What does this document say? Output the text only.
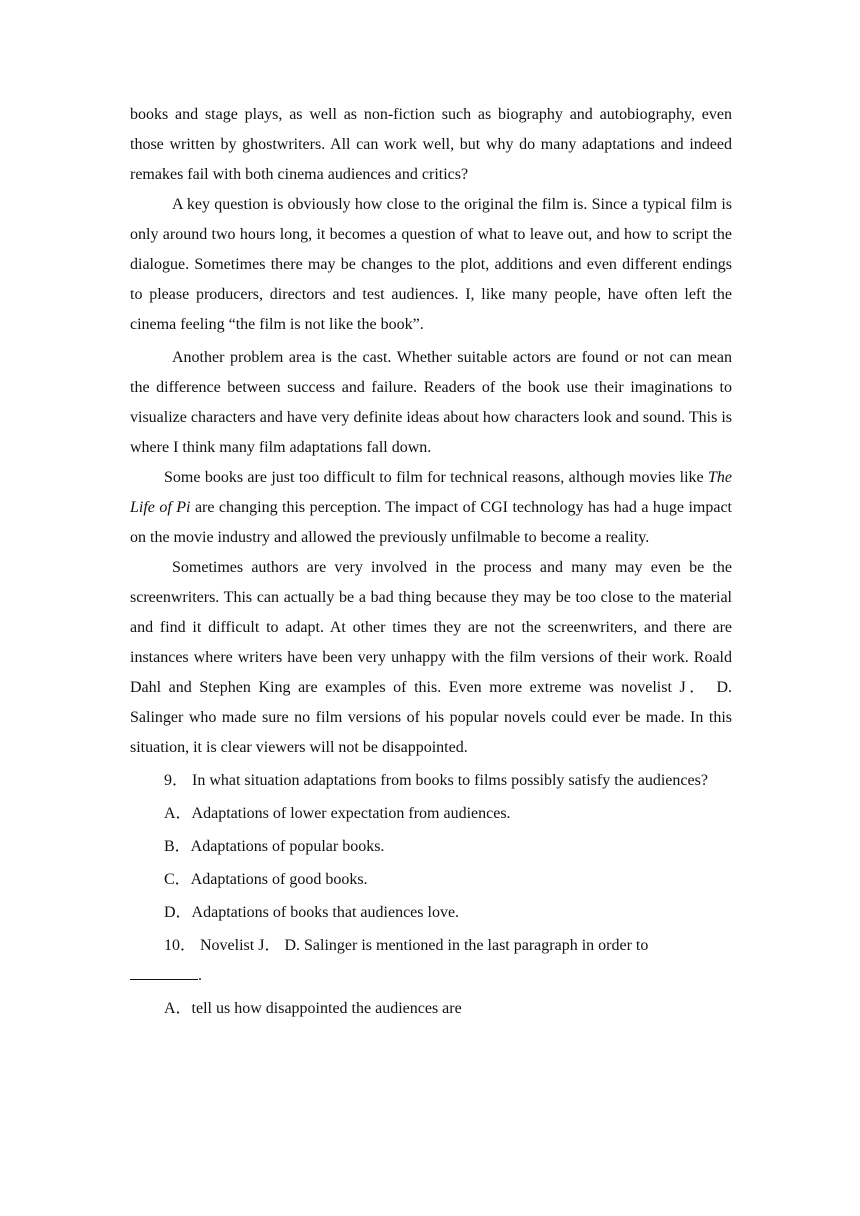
books and stage plays, as well as non-fiction such as biography and autobiography, even those written by ghostwriters. All can work well, but why do many adaptations and indeed remakes fail with both cinema audiences and critics?

A key question is obviously how close to the original the film is. Since a typical film is only around two hours long, it becomes a question of what to leave out, and how to script the dialogue. Sometimes there may be changes to the plot, additions and even different endings to please producers, directors and test audiences. I, like many people, have often left the cinema feeling “the film is not like the book”.

Another problem area is the cast. Whether suitable actors are found or not can mean the difference between success and failure. Readers of the book use their imaginations to visualize characters and have very definite ideas about how characters look and sound. This is where I think many film adaptations fall down.

Some books are just too difficult to film for technical reasons, although movies like The Life of Pi are changing this perception. The impact of CGI technology has had a huge impact on the movie industry and allowed the previously unfilmable to become a reality.

Sometimes authors are very involved in the process and many may even be the screenwriters. This can actually be a bad thing because they may be too close to the material and find it difficult to adapt. At other times they are not the screenwriters, and there are instances where writers have been very unhappy with the film versions of their work. Roald Dahl and Stephen King are examples of this. Even more extreme was novelist J． D. Salinger who made sure no film versions of his popular novels could ever be made. In this situation, it is clear viewers will not be disappointed.

9． In what situation adaptations from books to films possibly satisfy the audiences?

A．Adaptations of lower expectation from audiences.

B．Adaptations of popular books.

C．Adaptations of good books.

D．Adaptations of books that audiences love.

10． Novelist J． D. Salinger is mentioned in the last paragraph in order to
.

A．tell us how disappointed the audiences are
